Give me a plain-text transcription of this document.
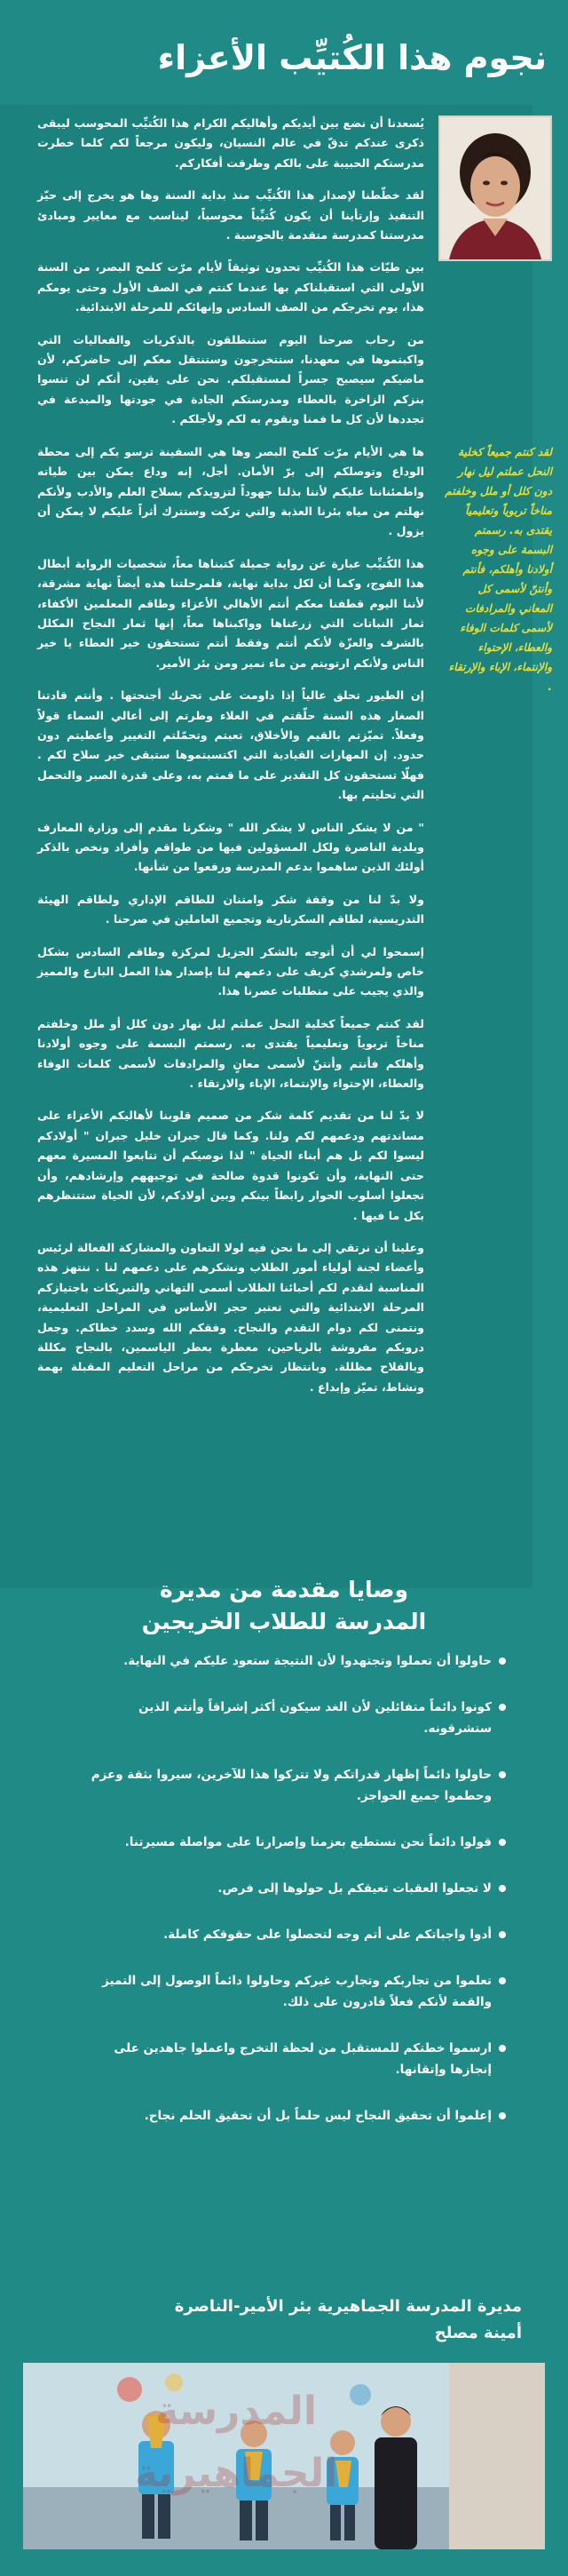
نجوم هذا الكُتيِّب الأعزاء

يُسعدنا أن نضع بين أيديكم وأهاليكم الكرام هذا الكُتيِّب المحوسب ليبقى ذكرى عندكم تدقّ في عالم النسيان، وليكون مرجعاً لكم كلما خطرت مدرستكم الحبيبة على بالكم وطرقت أفكاركم.

لقد خطّطنا لإصدار هذا الكُتيِّب منذ بداية السنة وها هو يخرج إلى حيّز التنفيذ وإرتأينا أن يكون كُتيِّباً محوسباً، ليناسب مع معايير ومبادئ مدرستنا كمدرسة متقدمة بالحوسبة .

بين طيّات هذا الكُتيِّب تحدون توثيقاً لأيام مرّت كلمح البصر، من السنة الأولى التي استقبلناكم بها عندما كنتم في الصف الأول وحتى يومكم هذا، يوم تخرجكم من الصف السادس وإنهائكم للمرحلة الابتدائية.

من رحاب صرحنا اليوم ستنطلقون بالذكريات والفعاليات التي واكبتموها في معهدنا، ستتخرجون وستنتقل معكم إلى حاضركم، لأن ماضيكم سيصبح جسراً لمستقبلكم. نحن على يقين، أنكم لن تنسوا بنزكم الزاخرة بالعطاء ومدرستكم الجادة في جودتها والمبدعة في تجددها لأن كل ما فمنا ونقوم به لكم ولأجلكم .

ها هي الأيام مرّت كلمح البصر وها هي السفينة ترسو بكم إلى محطة الوداع وتوصلكم إلى برّ الأمان. أجل، إنه وداع يمكن بين طياته واطمئناننا عليكم لأننا بذلنا جهوداً لتزويدكم بسلاح العلم والأدب ولأنكم نهلتم من مياه بئرنا العذبة والتي تركت وستترك أثراً عليكم لا يمكن أن يزول .

هذا الكُتيِّب عبارة عن رواية جميلة كتبناها معاً، شخصيات الرواية أبطال هذا الفوج، وكما أن لكل بداية نهاية، فلمرحلتنا هذه أيضاً نهاية مشرقة، لأننا اليوم قطفنا معكم أنتم الأهالي الأعزاء وطاقم المعلمين الأكفاء، ثمار النباتات التي زرعناها وواكبناها معاً، إنها ثمار النجاح المكلل بالشرف والعزّة لأنكم أنتم وفقط أنتم تستحقون خير العطاء يا خير الناس ولأنكم ارتويتم من ماء نمير ومن بئر الأمير.

إن الطيور تحلق عالياً إذا داومت على تحريك أجنحتها . وأنتم قادتنا الصغار هذه السنة حلّقتم في العلاء وطرتم إلى أعالي السماء قولاً وفعلاً. تميّزتم بالقيم والأخلاق، تعبتم وتحمّلتم التغيير وأعطيتم دون حدود. إن المهارات القيادية التي اكتسبتموها ستبقى خير سلاح لكم . فهلّا تستحقون كل التقدير على ما قمتم به، وعلى قدرة الصبر والتحمل التي تحليتم بها.

" من لا يشكر الناس لا يشكر الله " وشكرنا مقدم إلى وزارة المعارف وبلدية الناصرة ولكل المسؤولين فيها من طواقم وأفراد ونخص بالذكر أولئك الذين ساهموا بدعم المدرسة ورفعوا من شأنها.

ولا بدّ لنا من وقفة شكر وامتنان للطاقم الإداري ولطاقم الهيئة التدريسية، لطاقم السكرتارية وتجميع العاملين في صرحنا .

إسمحوا لي أن أتوجه بالشكر الجزيل لمركزة وطاقم السادس بشكل خاص ولمرشدي كريف على دعمهم لنا بإصدار هذا العمل البارع والمميز والذي يجيب على متطلبات عصرنا هذا.

لقد كنتم جميعاً كخلية النحل عملتم ليل نهار دون كلل أو ملل وخلفتم مناخاً تربوياً وتعليمياً يقتدى به. رسمتم البسمة على وجوه أولادنا وأهلكم فأنتم وأنتنّ لأسمى معانٍ والمرادفات لأسمى كلمات الوفاء والعطاء، الإحتواء والإنتماء، الإباء والارتقاء .

لا بدّ لنا من تقديم كلمة شكر من صميم قلوبنا لأهاليكم الأعزاء على مساندتهم ودعمهم لكم ولنا. وكما قال جبران خليل جبران " أولادكم ليسوا لكم بل هم أبناء الحياة " لذا نوصيكم أن تتابعوا المسيرة معهم حتى النهاية، وأن تكونوا قدوة صالحة في توجيههم وإرشادهم، وأن تجعلوا أسلوب الحوار رابطاً بينكم وبين أولادكم، لأن الحياة ستتنظرهم بكل ما فيها .

وعلينا أن نرتقي إلى ما نحن فيه لولا التعاون والمشاركة الفعالة لرئيس وأعضاء لجنة أولياء أمور الطلاب ونشكرهم على دعمهم لنا . ننتهز هذه المناسبة لنقدم لكم أحبائنا الطلاب أسمى التهاني والتبريكات باجتيازكم المرحلة الابتدائية والتي تعتبر حجر الأساس في المراحل التعليمية، ونتمنى لكم دوام التقدم والنجاح. وفقكم الله وسدد خطاكم. وجعل دروبكم مفروشة بالرياحين، معطرة بعطر الياسمين، بالنجاح مكللة وبالفلاح مظللة. وبانتظار تخرجكم من مراحل التعليم المقبلة بهمة ونشاط، تميّز وإبداع .

لقد كنتم جميعاً كخلية النحل عملتم ليل نهار دون كلل أو ملل وخلفتم مناخاً تربوياً وتعليمياً يقتدى به. رسمتم البسمة على وجوه أولادنا وأهلكم، فأنتم وأنتنّ لأسمى كل المعاني والمرادفات لأسمى كلمات الوفاء والعطاء، الإحتواء والإنتماء، الإباء والإرتقاء .
وصايا مقدمة من مديرة
المدرسة للطلاب الخريجين
حاولوا أن تعملوا وتجتهدوا لأن النتيجة ستعود عليكم في النهاية.
كونوا دائماً متفائلين لأن الغد سيكون أكثر إشراقاً وأنتم الذين ستشرقونه.
حاولوا دائماً إظهار قدراتكم ولا تتركوا هذا للآخرين، سيروا بثقة وعزم وحطموا جميع الحواجز.
قولوا دائماً نحن نستطيع بعزمنا وإصرارنا على مواصلة مسيرتنا.
لا تجعلوا العقبات تعيقكم بل حولوها إلى فرص.
أدوا واجباتكم على أتم وجه لتحصلوا على حقوقكم كاملة.
تعلموا من تجاربكم وتجارب غيركم وحاولوا دائماً الوصول إلى التميز والقمة لأنكم فعلاً قادرون على ذلك.
ارسموا خطتكم للمستقبل من لحظة التخرج واعملوا جاهدين على إنجازها وإتقانها.
إعلموا أن تحقيق النجاح ليس حلماً بل أن تحقيق الحلم نجاح.
مديرة المدرسة الجماهيرية بئر الأمير-الناصرة
أمينة مصلح
المدرسة الجماهيرية
